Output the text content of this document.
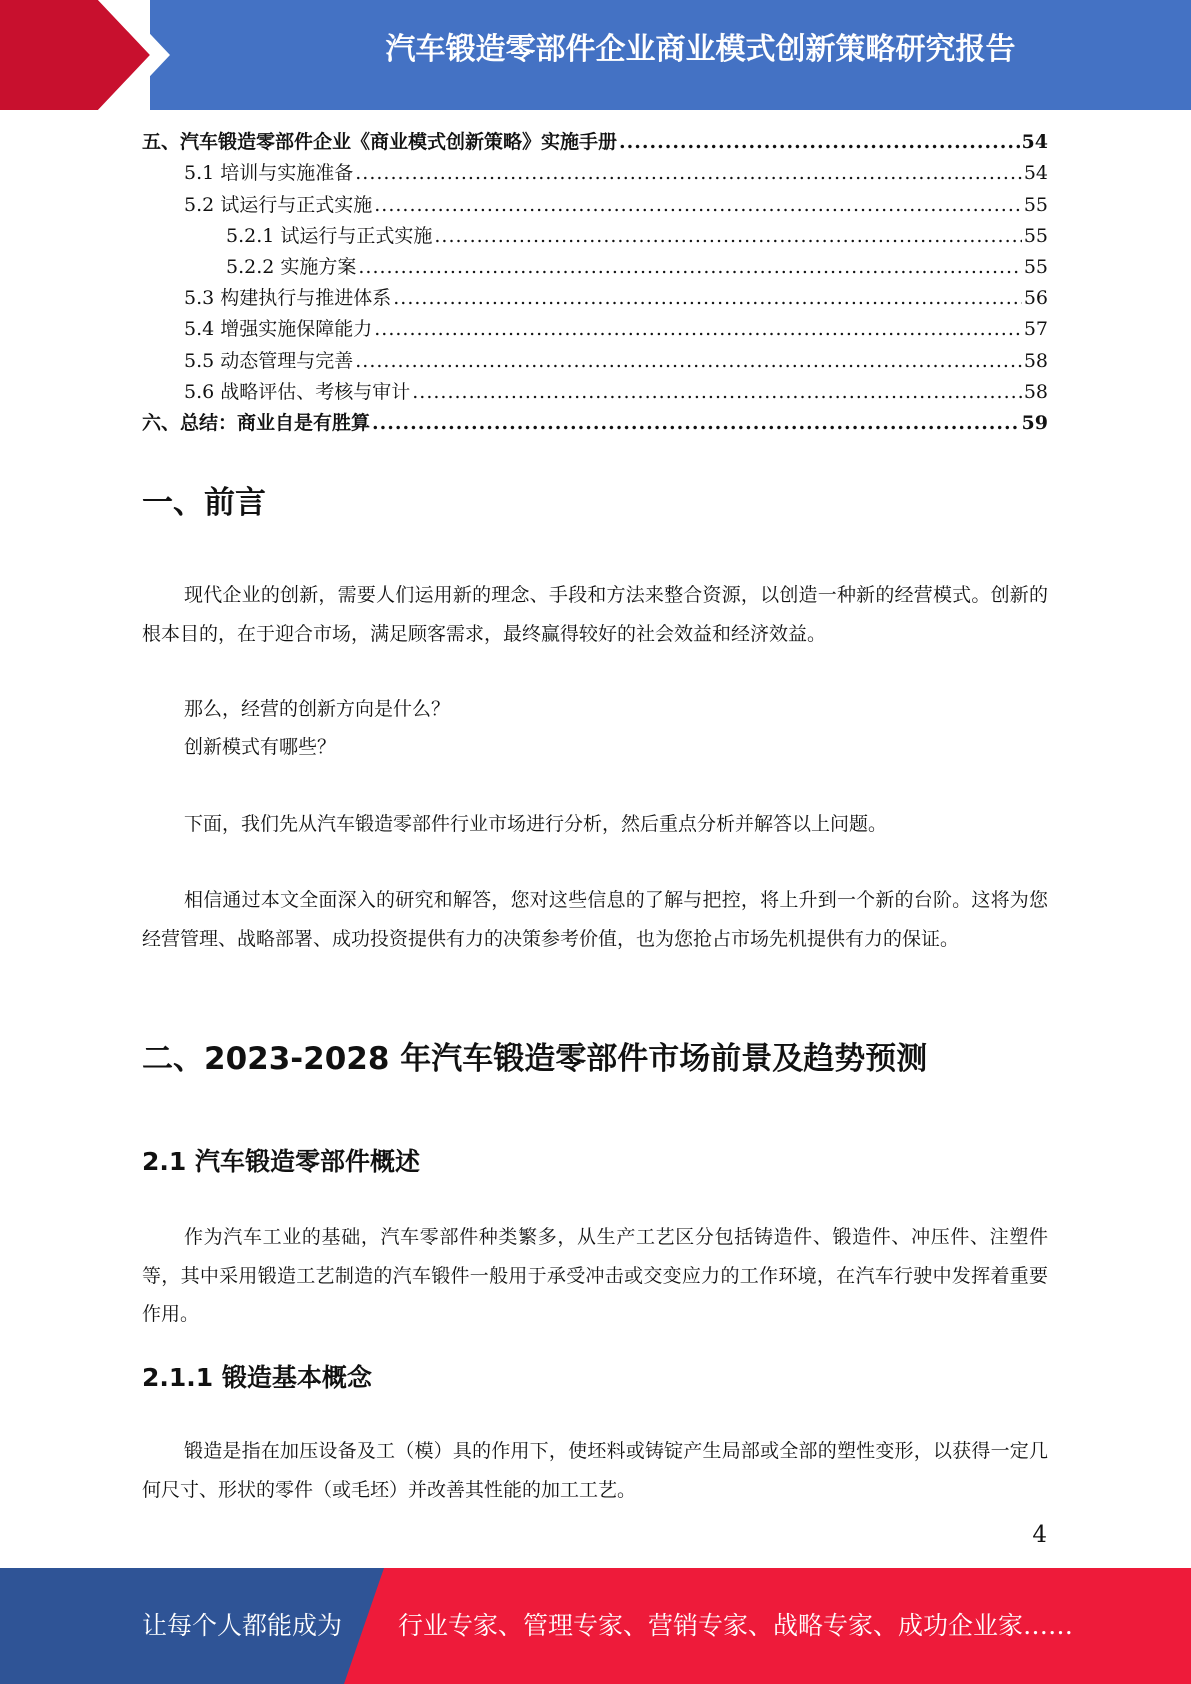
汽车锻造零部件企业商业模式创新策略研究报告
五、汽车锻造零部件企业《商业模式创新策略》实施手册 .....	54
5.1 培训与实施准备 .....	54
5.2 试运行与正式实施 .....	55
5.2.1 试运行与正式实施 .....	55
5.2.2 实施方案 .....	55
5.3 构建执行与推进体系 .....	56
5.4 增强实施保障能力 .....	57
5.5 动态管理与完善 .....	58
5.6 战略评估、考核与审计 .....	58
六、总结：商业自是有胜算 .....	59
一、前言

现代企业的创新，需要人们运用新的理念、手段和方法来整合资源，以创造一种新的经营模式。创新的根本目的，在于迎合市场，满足顾客需求，最终赢得较好的社会效益和经济效益。

那么，经营的创新方向是什么？

创新模式有哪些？

下面，我们先从汽车锻造零部件行业市场进行分析，然后重点分析并解答以上问题。

相信通过本文全面深入的研究和解答，您对这些信息的了解与把控，将上升到一个新的台阶。这将为您经营管理、战略部署、成功投资提供有力的决策参考价值，也为您抢占市场先机提供有力的保证。

二、2023-2028 年汽车锻造零部件市场前景及趋势预测
2.1 汽车锻造零部件概述

作为汽车工业的基础，汽车零部件种类繁多，从生产工艺区分包括铸造件、锻造件、冲压件、注塑件等，其中采用锻造工艺制造的汽车锻件一般用于承受冲击或交变应力的工作环境，在汽车行驶中发挥着重要作用。

2.1.1 锻造基本概念

锻造是指在加压设备及工（模）具的作用下，使坯料或铸锭产生局部或全部的塑性变形，以获得一定几何尺寸、形状的零件（或毛坯）并改善其性能的加工工艺。

4
让每个人都能成为 行业专家、管理专家、营销专家、战略专家、成功企业家……
